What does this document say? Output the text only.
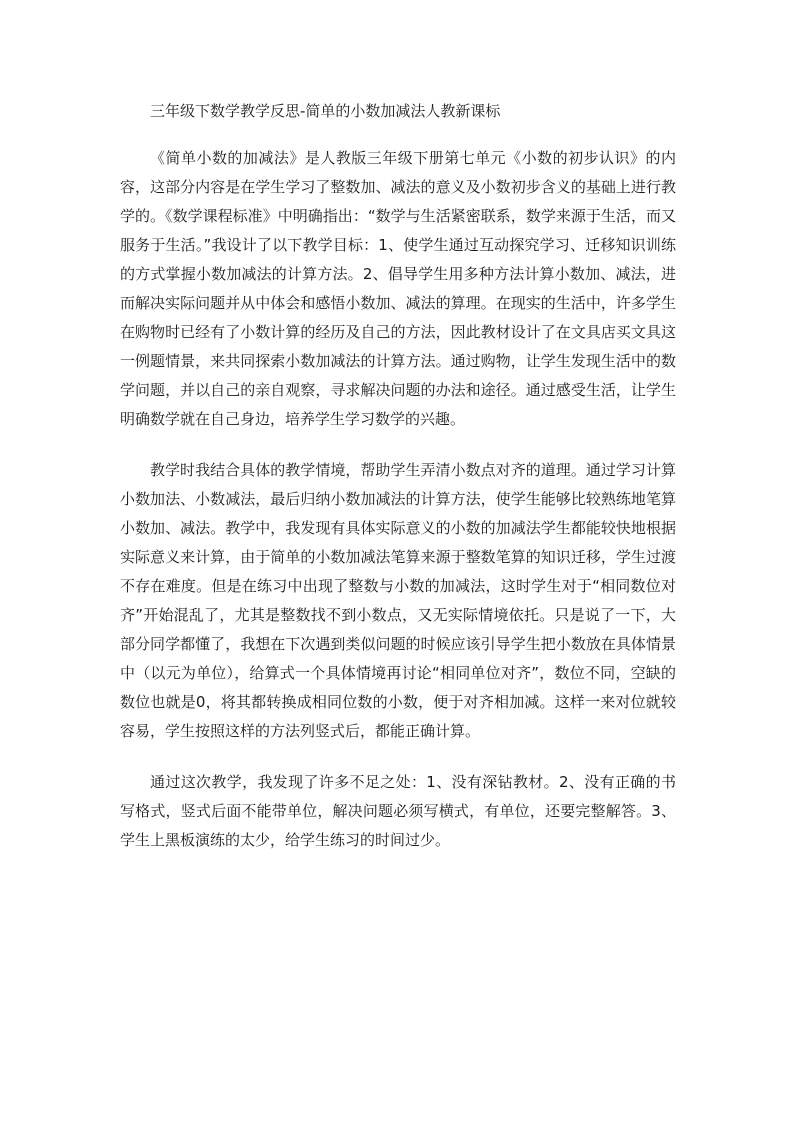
三年级下数学教学反思-简单的小数加减法人教新课标

《简单小数的加减法》是人教版三年级下册第七单元《小数的初步认识》的内容，这部分内容是在学生学习了整数加、减法的意义及小数初步含义的基础上进行教学的。《数学课程标准》中明确指出：“数学与生活紧密联系，数学来源于生活，而又服务于生活。”我设计了以下教学目标：1、使学生通过互动探究学习、迁移知识训练的方式掌握小数加减法的计算方法。2、倡导学生用多种方法计算小数加、减法，进而解决实际问题并从中体会和感悟小数加、减法的算理。在现实的生活中，许多学生在购物时已经有了小数计算的经历及自己的方法，因此教材设计了在文具店买文具这一例题情景，来共同探索小数加减法的计算方法。通过购物，让学生发现生活中的数学问题，并以自己的亲自观察，寻求解决问题的办法和途径。通过感受生活，让学生明确数学就在自己身边，培养学生学习数学的兴趣。

教学时我结合具体的教学情境，帮助学生弄清小数点对齐的道理。通过学习计算小数加法、小数减法，最后归纳小数加减法的计算方法，使学生能够比较熟练地笔算小数加、减法。教学中，我发现有具体实际意义的小数的加减法学生都能较快地根据实际意义来计算，由于简单的小数加减法笔算来源于整数笔算的知识迁移，学生过渡不存在难度。但是在练习中出现了整数与小数的加减法，这时学生对于“相同数位对齐”开始混乱了，尤其是整数找不到小数点，又无实际情境依托。只是说了一下，大部分同学都懂了，我想在下次遇到类似问题的时候应该引导学生把小数放在具体情景中（以元为单位），给算式一个具体情境再讨论“相同单位对齐”，数位不同，空缺的数位也就是0，将其都转换成相同位数的小数，便于对齐相加减。这样一来对位就较容易，学生按照这样的方法列竖式后，都能正确计算。

通过这次教学，我发现了许多不足之处：1、没有深钻教材。2、没有正确的书写格式，竖式后面不能带单位，解决问题必须写横式，有单位，还要完整解答。3、学生上黑板演练的太少，给学生练习的时间过少。
